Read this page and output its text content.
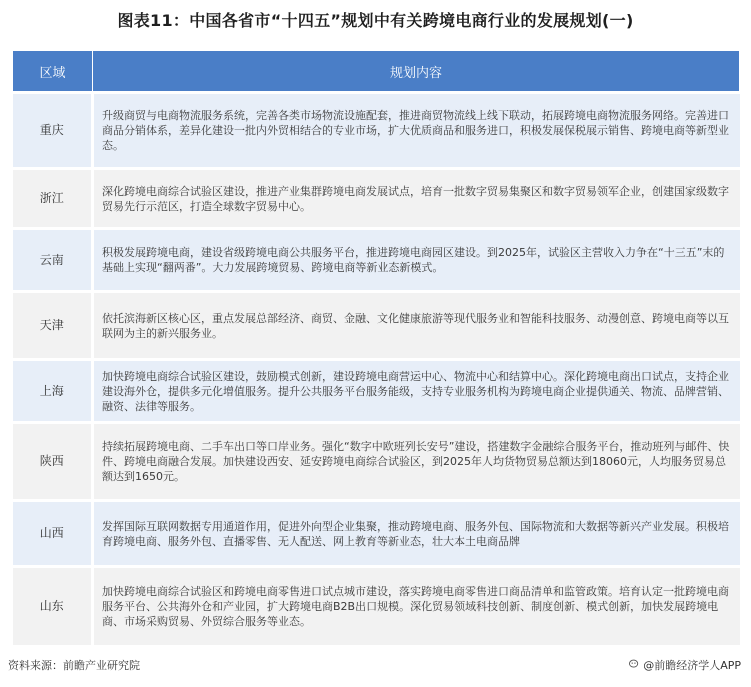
图表11：中国各省市“十四五”规划中有关跨境电商行业的发展规划(一)
区域	规划内容
重庆	升级商贸与电商物流服务系统，完善各类市场物流设施配套，推进商贸物流线上线下联动，拓展跨境电商物流服务网络。完善进口商品分销体系，差异化建设一批内外贸相结合的专业市场，扩大优质商品和服务进口，积极发展保税展示销售、跨境电商等新型业态。
浙江	深化跨境电商综合试验区建设，推进产业集群跨境电商发展试点，培育一批数字贸易集聚区和数字贸易领军企业，创建国家级数字贸易先行示范区，打造全球数字贸易中心。
云南	积极发展跨境电商，建设省级跨境电商公共服务平台，推进跨境电商园区建设。到2025年，试验区主营收入力争在“十三五”末的基础上实现“翻两番”。大力发展跨境贸易、跨境电商等新业态新模式。
天津	依托滨海新区核心区，重点发展总部经济、商贸、金融、文化健康旅游等现代服务业和智能科技服务、动漫创意、跨境电商等以互联网为主的新兴服务业。
上海	加快跨境电商综合试验区建设，鼓励模式创新，建设跨境电商营运中心、物流中心和结算中心。深化跨境电商出口试点，支持企业建设海外仓，提供多元化增值服务。提升公共服务平台服务能级，支持专业服务机构为跨境电商企业提供通关、物流、品牌营销、融资、法律等服务。
陕西	持续拓展跨境电商、二手车出口等口岸业务。强化“数字中欧班列长安号”建设，搭建数字金融综合服务平台，推动班列与邮件、快件、跨境电商融合发展。加快建设西安、延安跨境电商综合试验区，到2025年人均货物贸易总额达到18060元，人均服务贸易总额达到1650元。
山西	发挥国际互联网数据专用通道作用，促进外向型企业集聚，推动跨境电商、服务外包、国际物流和大数据等新兴产业发展。积极培育跨境电商、服务外包、直播零售、无人配送、网上教育等新业态，壮大本土电商品牌
山东	加快跨境电商综合试验区和跨境电商零售进口试点城市建设，落实跨境电商零售进口商品清单和监管政策。培育认定一批跨境电商服务平台、公共海外仓和产业园，扩大跨境电商B2B出口规模。深化贸易领域科技创新、制度创新、模式创新，加快发展跨境电商、市场采购贸易、外贸综合服务等业态。
资料来源：前瞻产业研究院	@前瞻经济学人APP
